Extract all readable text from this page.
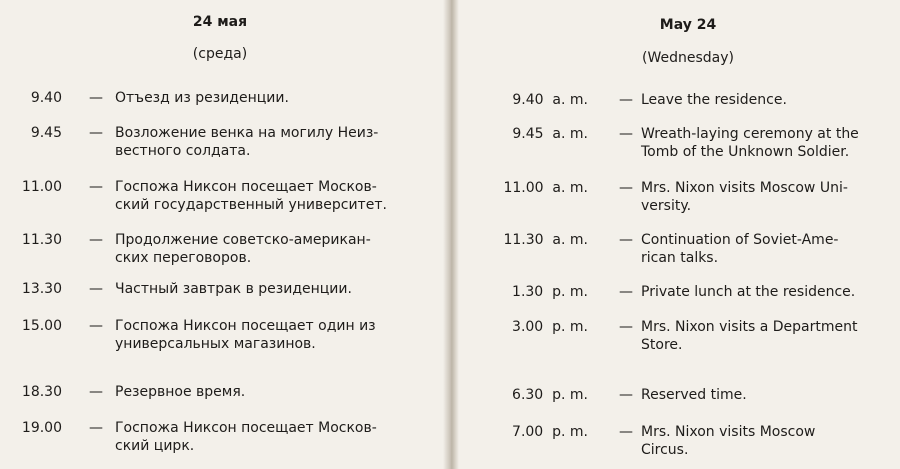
24 мая
(среда)
May 24
(Wednesday)
9.40 — Отъезд из резиденции.
9.45 — Возложение венка на могилу Неиз-
вестного солдата.
11.00 — Госпожа Никсон посещает Москов-
ский государственный университет.
11.30 — Продолжение советско-американ-
ских переговоров.
13.30 — Частный завтрак в резиденции.
15.00 — Госпожа Никсон посещает один из
универсальных магазинов.
18.30 — Резервное время.
19.00 — Госпожа Никсон посещает Москов-
ский цирк.
9.40  a. m. — Leave the residence.
9.45  a. m. — Wreath-laying ceremony at the
Tomb of the Unknown Soldier.
11.00  a. m. — Mrs. Nixon visits Moscow Uni-
versity.
11.30  a. m. — Continuation of Soviet-Ame-
rican talks.
1.30  p. m. — Private lunch at the residence.
3.00  p. m. — Mrs. Nixon visits a Department
Store.
6.30  p. m. — Reserved time.
7.00  p. m. — Mrs. Nixon visits Moscow
Circus.
